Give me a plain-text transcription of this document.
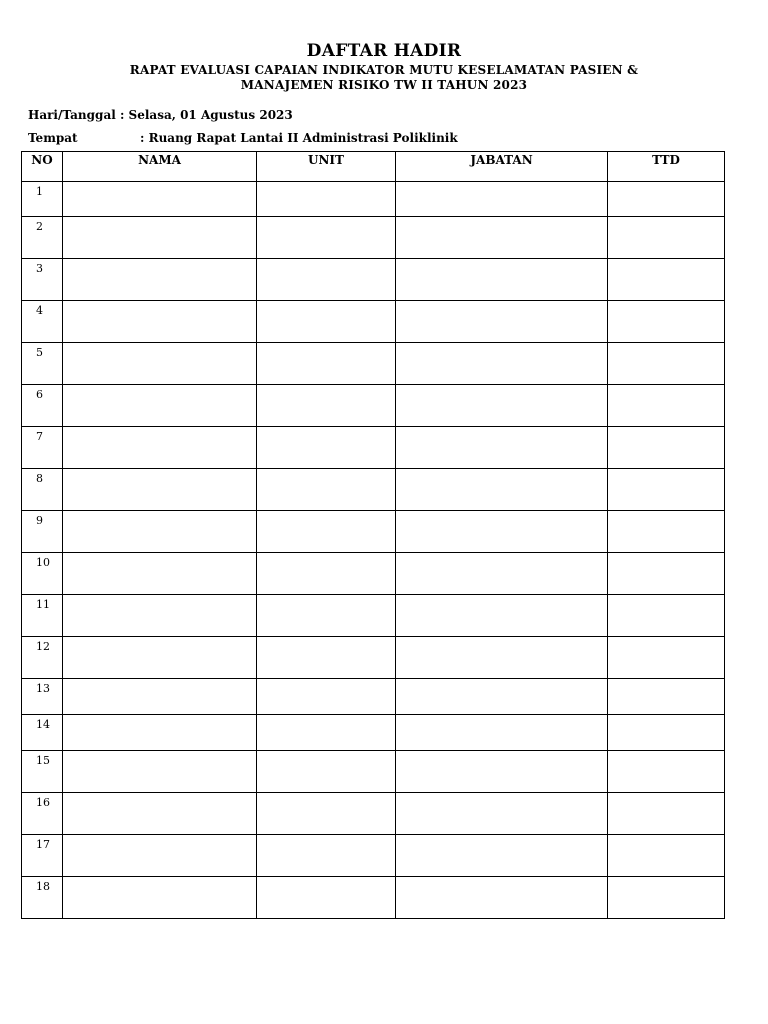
DAFTAR HADIR
RAPAT EVALUASI CAPAIAN INDIKATOR MUTU KESELAMATAN PASIEN &
MANAJEMEN RISIKO TW II TAHUN 2023
Hari/Tanggal : Selasa, 01 Agustus 2023
Tempat	: Ruang Rapat Lantai II Administrasi Poliklinik
NO	NAMA	UNIT	JABATAN	TTD
1				
2				
3				
4				
5				
6				
7				
8				
9				
10				
11				
12				
13				
14				
15				
16				
17				
18				
